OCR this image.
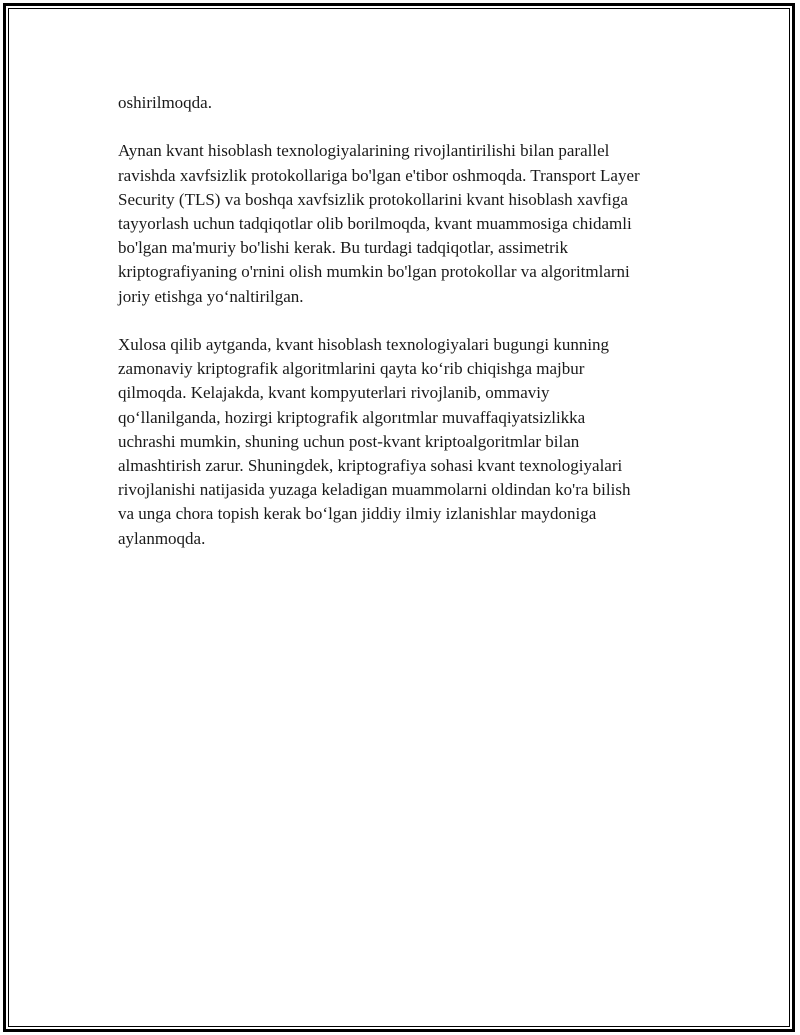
oshirilmoqda.

Aynan kvant hisoblash texnologiyalarining rivojlantirilishi bilan parallel
ravishda xavfsizlik protokollariga bo'lgan e'tibor oshmoqda. Transport Layer
Security (TLS) va boshqa xavfsizlik protokollarini kvant hisoblash xavfiga
tayyorlash uchun tadqiqotlar olib borilmoqda, kvant muammosiga chidamli
bo'lgan ma'muriy bo'lishi kerak. Bu turdagi tadqiqotlar, assimetrik
kriptografiyaning o'rnini olish mumkin bo'lgan protokollar va algoritmlarni
joriy etishga yo‘naltirilgan.

Xulosa qilib aytganda, kvant hisoblash texnologiyalari bugungi kunning
zamonaviy kriptografik algoritmlarini qayta ko‘rib chiqishga majbur
qilmoqda. Kelajakda, kvant kompyuterlari rivojlanib, ommaviy
qo‘llanilganda, hozirgi kriptografik algorıtmlar muvaffaqiyatsizlikka
uchrashi mumkin, shuning uchun post-kvant kriptoalgoritmlar bilan
almashtirish zarur. Shuningdek, kriptografiya sohasi kvant texnologiyalari
rivojlanishi natijasida yuzaga keladigan muammolarni oldindan ko'ra bilish
va unga chora topish kerak bo‘lgan jiddiy ilmiy izlanishlar maydoniga
aylanmoqda.
